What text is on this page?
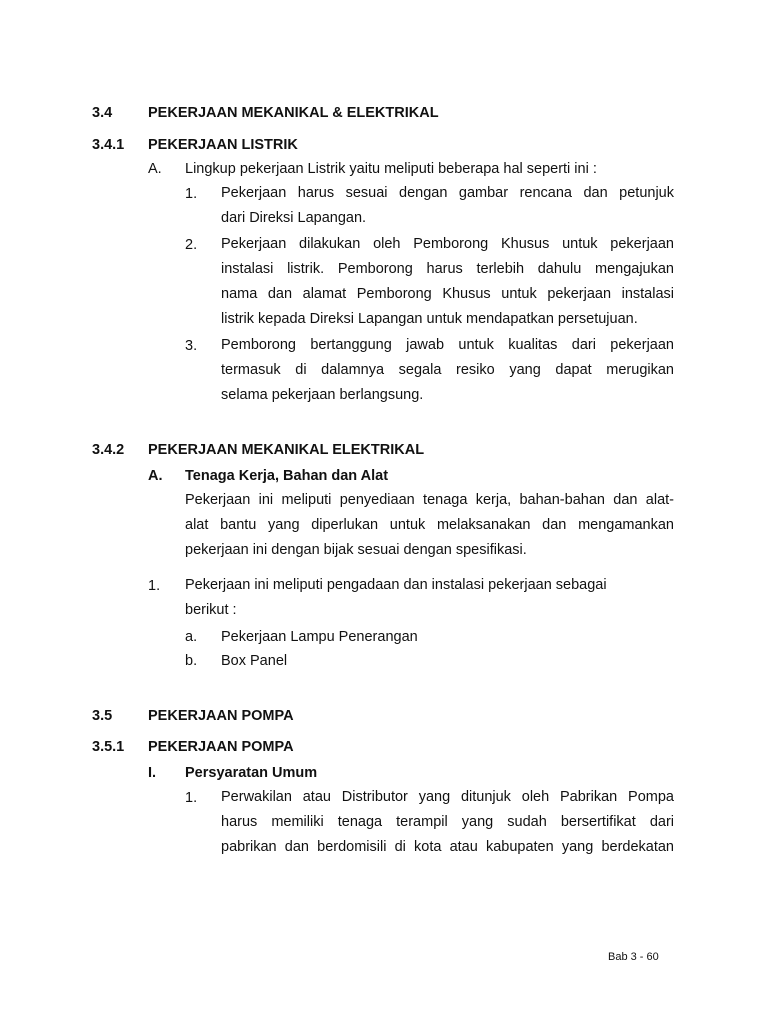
3.4 PEKERJAAN MEKANIKAL & ELEKTRIKAL
3.4.1 PEKERJAAN LISTRIK
A. Lingkup pekerjaan Listrik yaitu meliputi beberapa hal seperti ini :
1. Pekerjaan harus sesuai dengan gambar rencana dan petunjuk
dari Direksi Lapangan.
2. Pekerjaan dilakukan oleh Pemborong Khusus untuk pekerjaan
instalasi listrik. Pemborong harus terlebih dahulu mengajukan
nama dan alamat Pemborong Khusus untuk pekerjaan instalasi
listrik kepada Direksi Lapangan untuk mendapatkan persetujuan.
3. Pemborong bertanggung jawab untuk kualitas dari pekerjaan
termasuk di dalamnya segala resiko yang dapat merugikan
selama pekerjaan berlangsung.
3.4.2 PEKERJAAN MEKANIKAL ELEKTRIKAL
A. Tenaga Kerja, Bahan dan Alat
Pekerjaan ini meliputi penyediaan tenaga kerja, bahan-bahan dan alat-
alat bantu yang diperlukan untuk melaksanakan dan mengamankan
pekerjaan ini dengan bijak sesuai dengan spesifikasi.
1. Pekerjaan ini meliputi pengadaan dan instalasi pekerjaan sebagai
berikut :
a. Pekerjaan Lampu Penerangan
b. Box Panel
3.5 PEKERJAAN POMPA
3.5.1 PEKERJAAN POMPA
I. Persyaratan Umum
1. Perwakilan atau Distributor yang ditunjuk oleh Pabrikan Pompa
harus memiliki tenaga terampil yang sudah bersertifikat dari
pabrikan dan berdomisili di kota atau kabupaten yang berdekatan
Bab 3 - 60
